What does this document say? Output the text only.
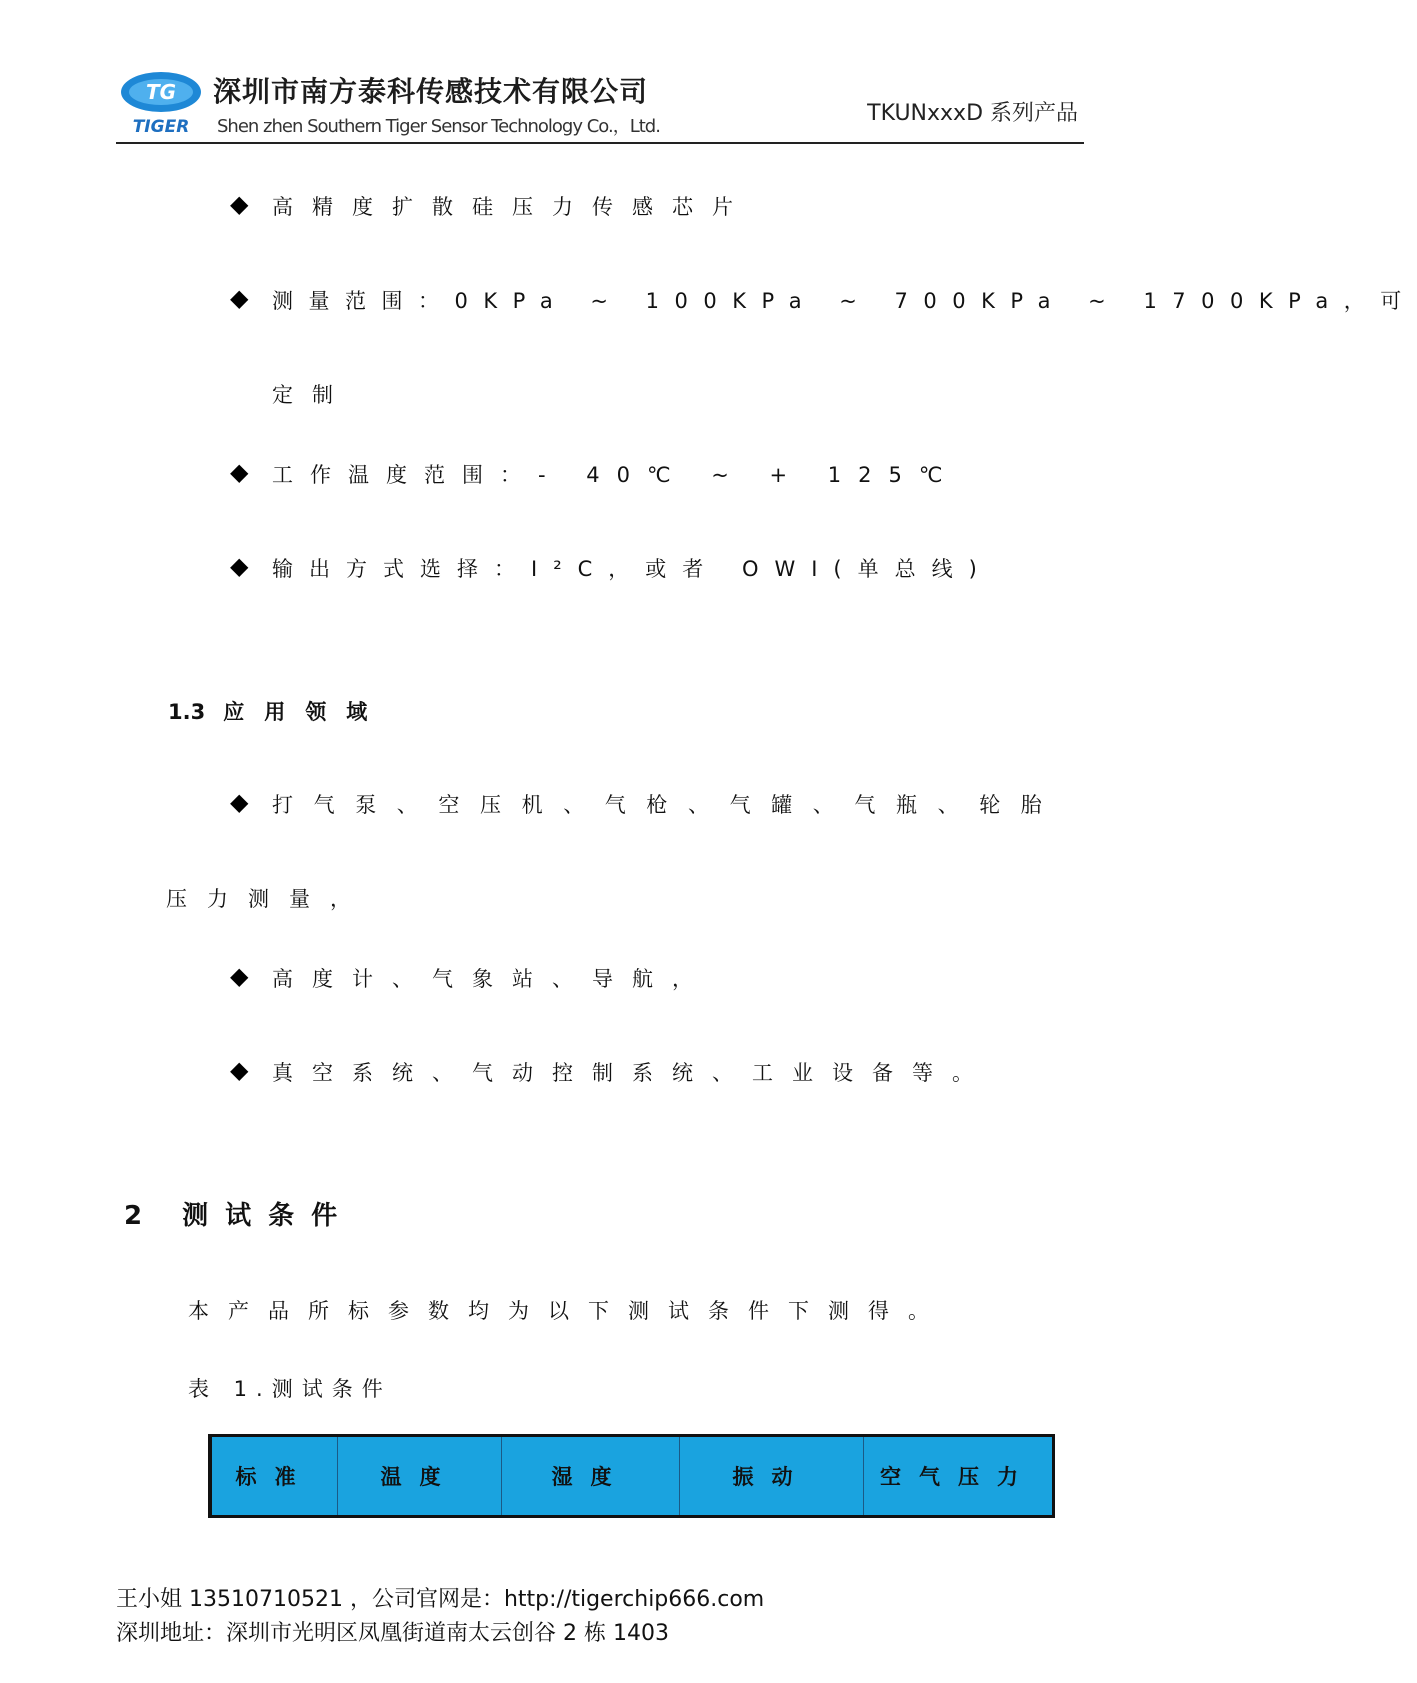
TG
TIGER
深圳市南方泰科传感技术有限公司
Shen zhen Southern Tiger Sensor Technology Co.，Ltd.
TKUNxxxD 系列产品
◆ 高精度扩散硅压力传感芯片
◆ 测量范围：0KPa ~ 100KPa ~ 700KPa ~ 1700KPa，可
定制
◆ 工作温度范围：- 40℃ ~ + 125℃
◆ 输出方式选择：I²C，或者 OWI(单总线)
1.3 应用领域
◆ 打气泵、空压机、气枪、气罐、气瓶、轮胎
压力测量，
◆ 高度计、气象站、导航，
◆ 真空系统、气动控制系统、工业设备等。
2 测试条件
本产品所标参数均为以下测试条件下测得。
表 1.测试条件
标准	温度	湿度	振动	空气压力
王小姐 13510710521 ，公司官网是：http://tigerchip666.com
深圳地址：深圳市光明区凤凰街道南太云创谷 2 栋 1403
